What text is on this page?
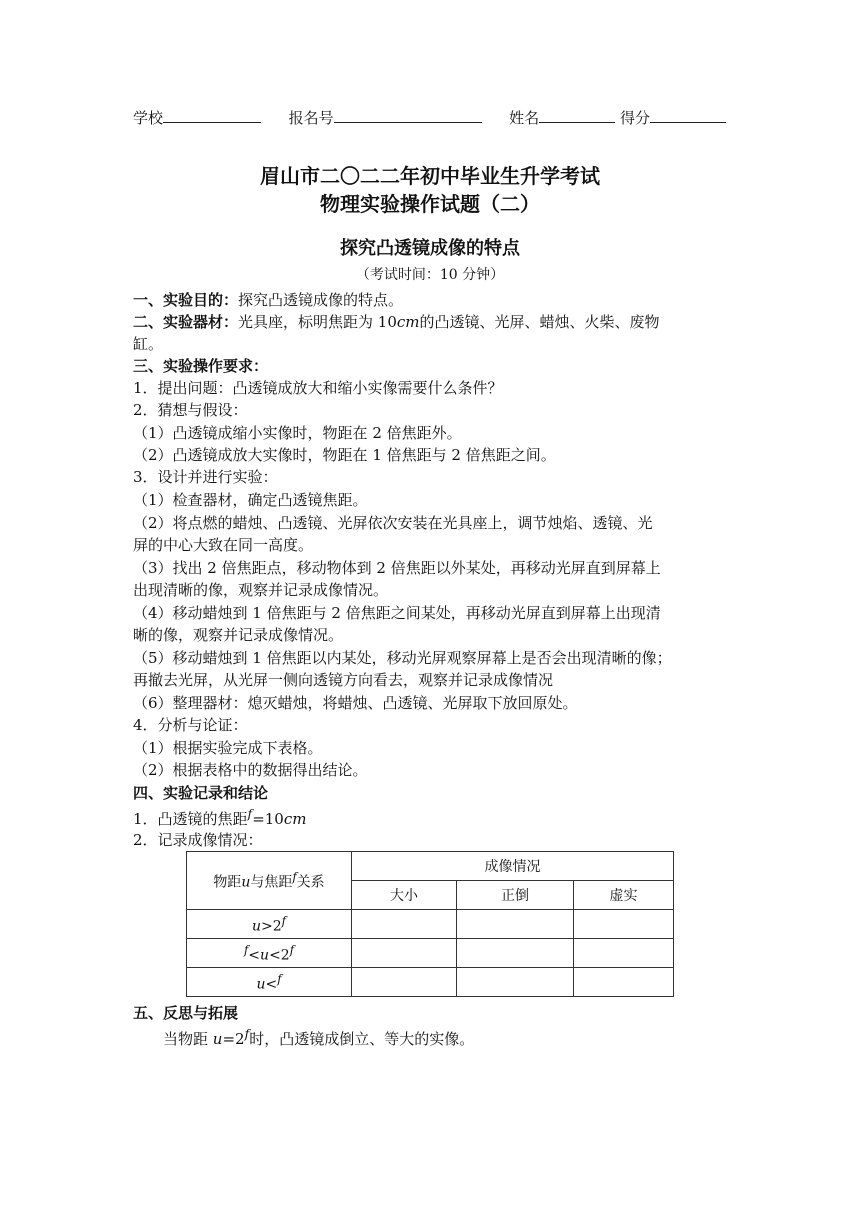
学校	报名号	姓名	得分
眉山市二〇二二年初中毕业生升学考试
物理实验操作试题（二）
探究凸透镜成像的特点
（考试时间：10 分钟）
一、实验目的：探究凸透镜成像的特点。
二、实验器材：光具座，标明焦距为 10cm的凸透镜、光屏、蜡烛、火柴、废物
缸。
三、实验操作要求：
1．提出问题：凸透镜成放大和缩小实像需要什么条件？
2．猜想与假设：
（1）凸透镜成缩小实像时，物距在 2 倍焦距外。
（2）凸透镜成放大实像时，物距在 1 倍焦距与 2 倍焦距之间。
3．设计并进行实验：
（1）检查器材，确定凸透镜焦距。
（2）将点燃的蜡烛、凸透镜、光屏依次安装在光具座上，调节烛焰、透镜、光
屏的中心大致在同一高度。
（3）找出 2 倍焦距点，移动物体到 2 倍焦距以外某处，再移动光屏直到屏幕上
出现清晰的像，观察并记录成像情况。
（4）移动蜡烛到 1 倍焦距与 2 倍焦距之间某处，再移动光屏直到屏幕上出现清
晰的像，观察并记录成像情况。
（5）移动蜡烛到 1 倍焦距以内某处，移动光屏观察屏幕上是否会出现清晰的像；
再撤去光屏，从光屏一侧向透镜方向看去，观察并记录成像情况
（6）整理器材：熄灭蜡烛，将蜡烛、凸透镜、光屏取下放回原处。
4．分析与论证：
（1）根据实验完成下表格。
（2）根据表格中的数据得出结论。
四、实验记录和结论
1．凸透镜的焦距$^f$=10cm
2．记录成像情况：
物距u与焦距$^f$关系	成像情况		
	大小	正倒	虚实
$u>2^f$			
$^f<u<2^f$			
u<$^f$			
五、反思与拓展
当物距 $u=2^f$时，凸透镜成倒立、等大的实像。
